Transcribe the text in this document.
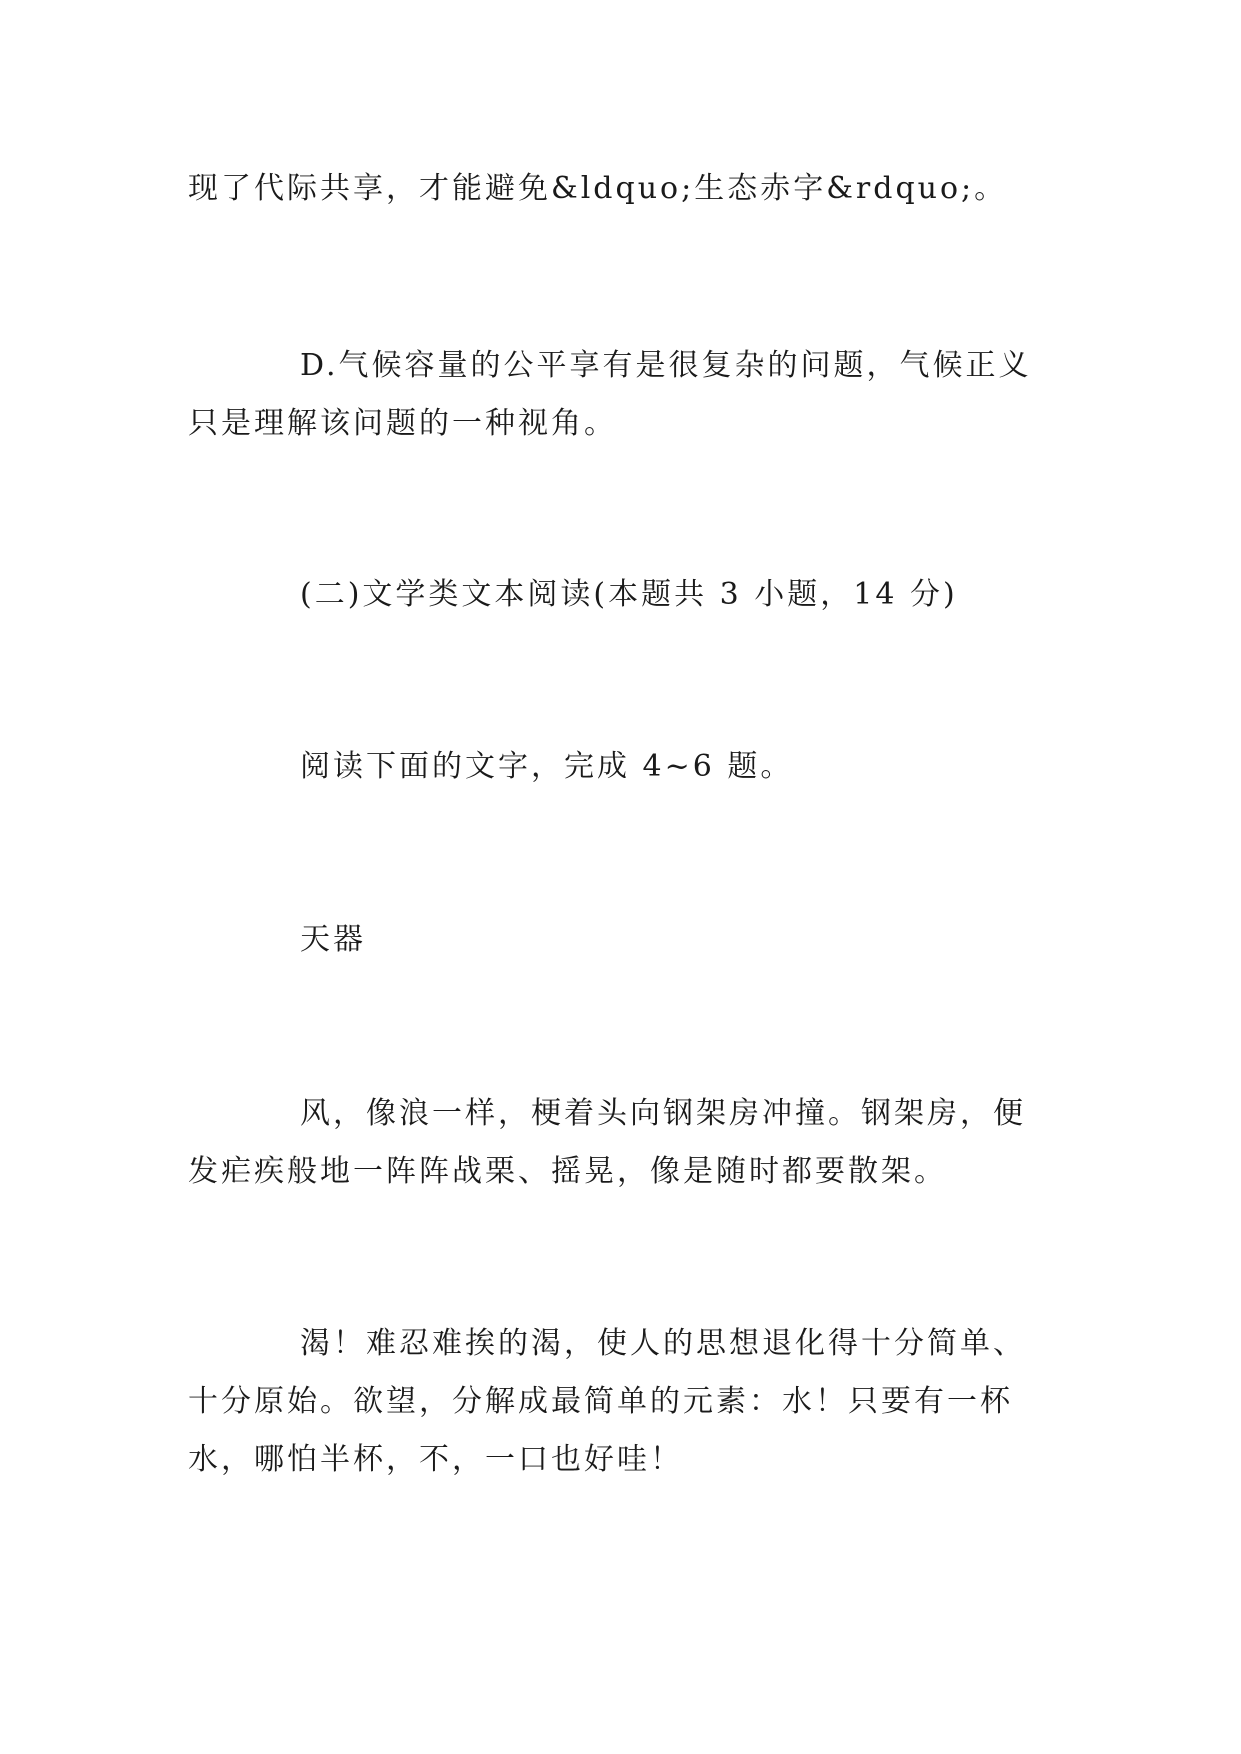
现了代际共享，才能避免&ldquo;生态赤字&rdquo;。

D.气候容量的公平享有是很复杂的问题，气候正义只是理解该问题的一种视角。

(二)文学类文本阅读(本题共 3 小题，14 分)

阅读下面的文字，完成 4~6 题。

天器

风，像浪一样，梗着头向钢架房冲撞。钢架房，便发疟疾般地一阵阵战栗、摇晃，像是随时都要散架。

渴！难忍难挨的渴，使人的思想退化得十分简单、十分原始。欲望，分解成最简单的元素：水！只要有一杯水，哪怕半杯，不，一口也好哇！
